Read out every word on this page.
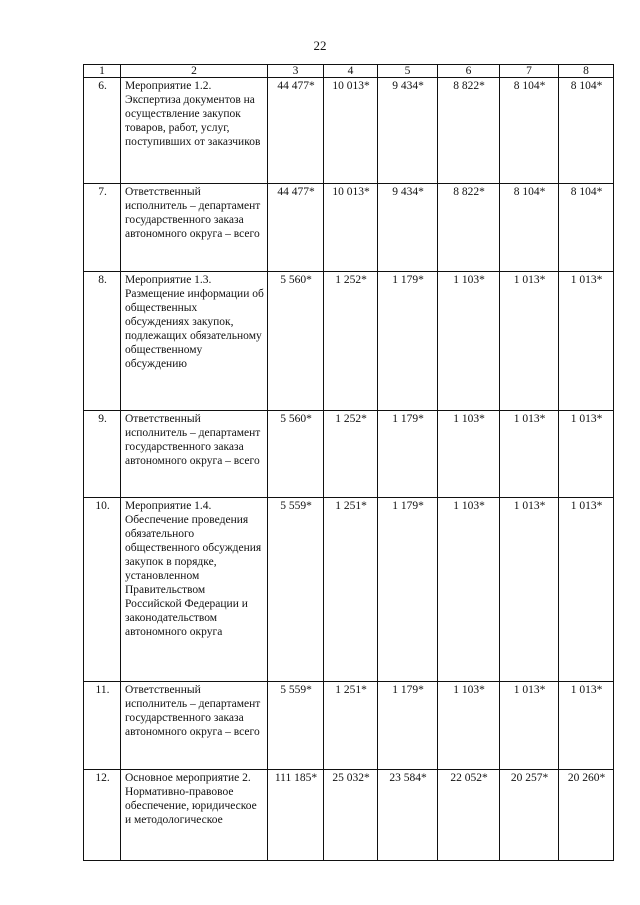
22
1	2	3	4	5	6	7	8
6.	Мероприятие 1.2. Экспертиза документов на осуществление закупок товаров, работ, услуг, поступивших от заказчиков	44 477*	10 013*	9 434*	8 822*	8 104*	8 104*
7.	Ответственный исполнитель – департамент государственного заказа автономного округа – всего	44 477*	10 013*	9 434*	8 822*	8 104*	8 104*
8.	Мероприятие 1.3. Размещение информации об общественных обсуждениях закупок, подлежащих обязательному общественному обсуждению	5 560*	1 252*	1 179*	1 103*	1 013*	1 013*
9.	Ответственный исполнитель – департамент государственного заказа автономного округа – всего	5 560*	1 252*	1 179*	1 103*	1 013*	1 013*
10.	Мероприятие 1.4. Обеспечение проведения обязательного общественного обсуждения закупок в порядке, установленном Правительством Российской Федерации и законодательством автономного округа	5 559*	1 251*	1 179*	1 103*	1 013*	1 013*
11.	Ответственный исполнитель – департамент государственного заказа автономного округа – всего	5 559*	1 251*	1 179*	1 103*	1 013*	1 013*
12.	Основное мероприятие 2. Нормативно-правовое обеспечение, юридическое и методологическое	111 185*	25 032*	23 584*	22 052*	20 257*	20 260*
